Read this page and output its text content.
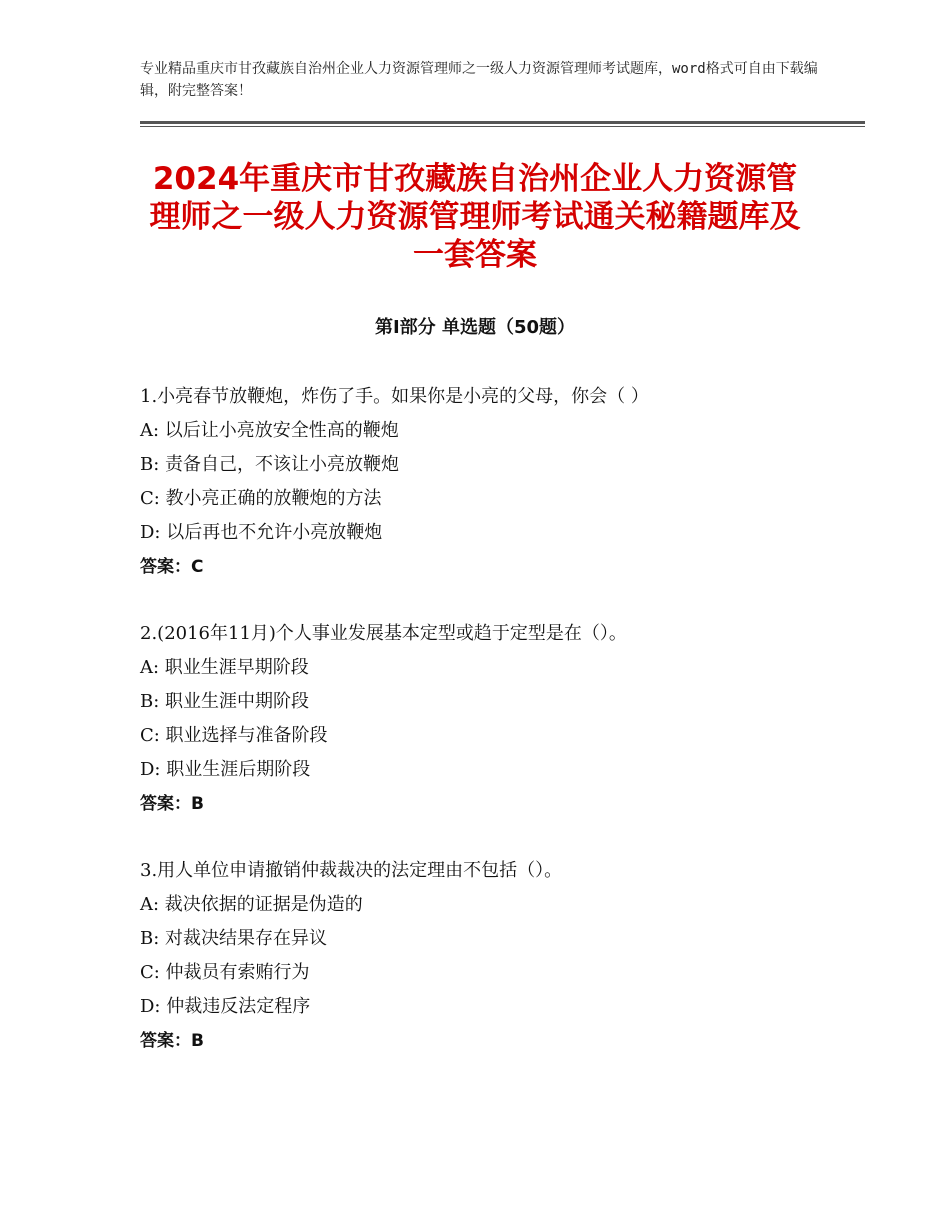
专业精品重庆市甘孜藏族自治州企业人力资源管理师之一级人力资源管理师考试题库，word格式可自由下载编辑，附完整答案！
2024年重庆市甘孜藏族自治州企业人力资源管理师之一级人力资源管理师考试通关秘籍题库及一套答案
第Ⅰ部分 单选题（50题）
1.小亮春节放鞭炮，炸伤了手。如果你是小亮的父母，你会（ ）
A: 以后让小亮放安全性高的鞭炮
B: 责备自己，不该让小亮放鞭炮
C: 教小亮正确的放鞭炮的方法
D: 以后再也不允许小亮放鞭炮
答案：C
2.(2016年11月)个人事业发展基本定型或趋于定型是在（）。
A: 职业生涯早期阶段
B: 职业生涯中期阶段
C: 职业选择与准备阶段
D: 职业生涯后期阶段
答案：B
3.用人单位申请撤销仲裁裁决的法定理由不包括（）。
A: 裁决依据的证据是伪造的
B: 对裁决结果存在异议
C: 仲裁员有索贿行为
D: 仲裁违反法定程序
答案：B
